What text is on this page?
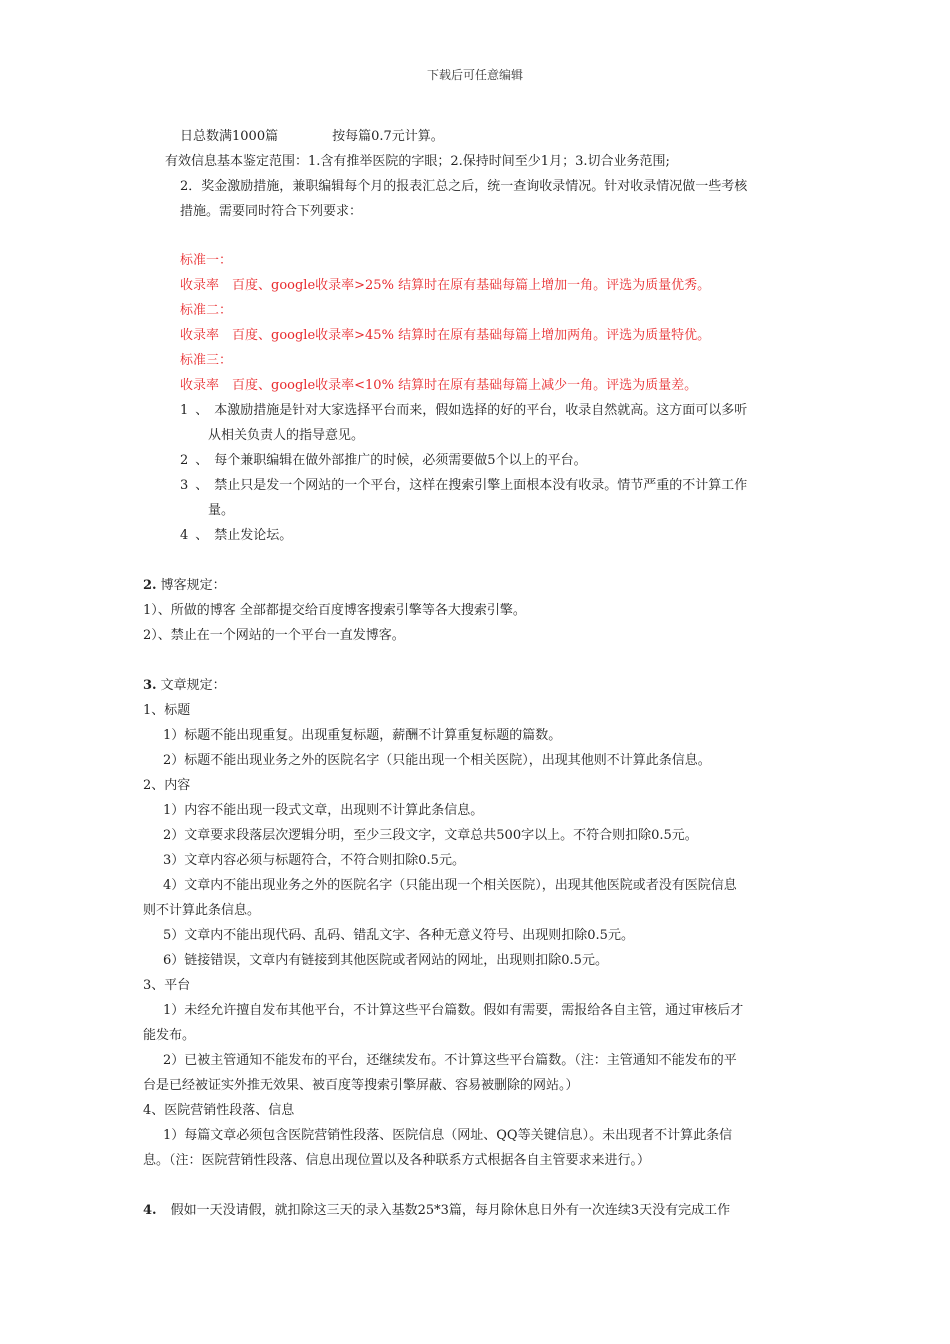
下载后可任意编辑
日总数满1000篇	按每篇0.7元计算。
有效信息基本鉴定范围：1.含有推举医院的字眼；2.保持时间至少1月；3.切合业务范围;
2．奖金激励措施，兼职编辑每个月的报表汇总之后，统一查询收录情况。针对收录情况做一些考核
措施。需要同时符合下列要求：
标准一：
收录率　百度、google收录率>25% 结算时在原有基础每篇上增加一角。评选为质量优秀。
标准二：
收录率　百度、google收录率>45% 结算时在原有基础每篇上增加两角。评选为质量特优。
标准三：
收录率　百度、google收录率<10% 结算时在原有基础每篇上减少一角。评选为质量差。
1 、 本激励措施是针对大家选择平台而来，假如选择的好的平台，收录自然就高。这方面可以多听
从相关负责人的指导意见。
2 、 每个兼职编辑在做外部推广的时候，必须需要做5个以上的平台。
3 、 禁止只是发一个网站的一个平台，这样在搜索引擎上面根本没有收录。情节严重的不计算工作
量。
4 、 禁止发论坛。
2. 博客规定：
1）、所做的博客 全部都提交给百度博客搜索引擎等各大搜索引擎。
2）、禁止在一个网站的一个平台一直发博客。
3. 文章规定：
1、标题
1）标题不能出现重复。出现重复标题，薪酬不计算重复标题的篇数。
2）标题不能出现业务之外的医院名字（只能出现一个相关医院），出现其他则不计算此条信息。
2、内容
1）内容不能出现一段式文章，出现则不计算此条信息。
2）文章要求段落层次逻辑分明，至少三段文字，文章总共500字以上。不符合则扣除0.5元。
3）文章内容必须与标题符合，不符合则扣除0.5元。
4）文章内不能出现业务之外的医院名字（只能出现一个相关医院），出现其他医院或者没有医院信息
则不计算此条信息。
5）文章内不能出现代码、乱码、错乱文字、各种无意义符号、出现则扣除0.5元。
6）链接错误，文章内有链接到其他医院或者网站的网址，出现则扣除0.5元。
3、平台
1）未经允许擅自发布其他平台，不计算这些平台篇数。假如有需要，需报给各自主管，通过审核后才
能发布。
2）已被主管通知不能发布的平台，还继续发布。不计算这些平台篇数。（注：主管通知不能发布的平
台是已经被证实外推无效果、被百度等搜索引擎屏蔽、容易被删除的网站。）
4、医院营销性段落、信息
1）每篇文章必须包含医院营销性段落、医院信息（网址、QQ等关键信息）。未出现者不计算此条信
息。（注：医院营销性段落、信息出现位置以及各种联系方式根据各自主管要求来进行。）
4. 假如一天没请假，就扣除这三天的录入基数25*3篇，每月除休息日外有一次连续3天没有完成工作
